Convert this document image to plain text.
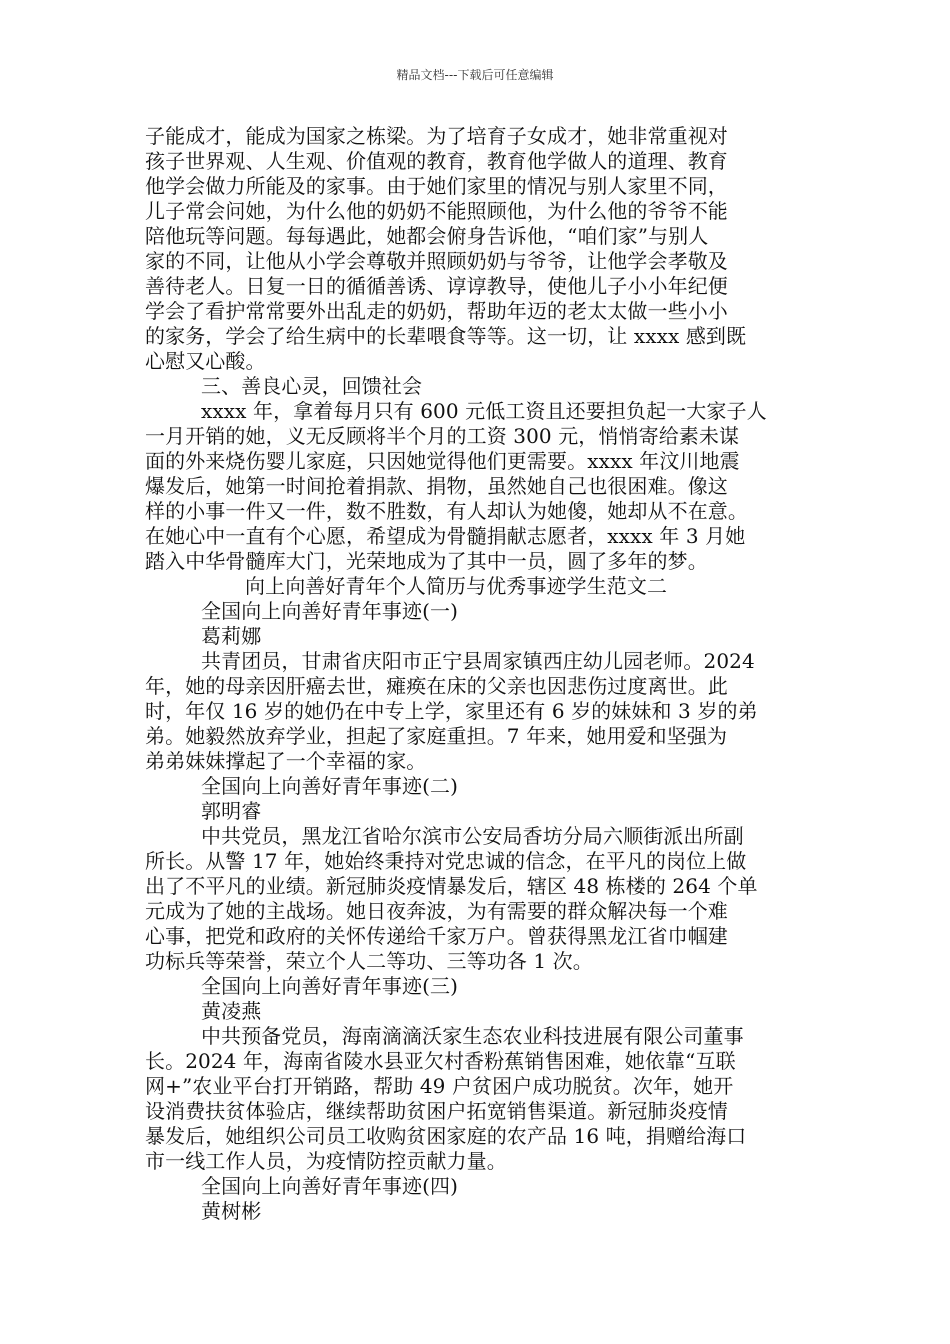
精品文档---下载后可任意编辑
子能成才，能成为国家之栋梁。为了培育子女成才，她非常重视对
孩子世界观、人生观、价值观的教育，教育他学做人的道理、教育
他学会做力所能及的家事。由于她们家里的情况与别人家里不同，
儿子常会问她，为什么他的奶奶不能照顾他，为什么他的爷爷不能
陪他玩等问题。每每遇此，她都会俯身告诉他，“咱们家”与别人
家的不同，让他从小学会尊敬并照顾奶奶与爷爷，让他学会孝敬及
善待老人。日复一日的循循善诱、谆谆教导，使他儿子小小年纪便
学会了看护常常要外出乱走的奶奶，帮助年迈的老太太做一些小小
的家务，学会了给生病中的长辈喂食等等。这一切，让 xxxx 感到既
心慰又心酸。
三、善良心灵，回馈社会
xxxx 年，拿着每月只有 600 元低工资且还要担负起一大家子人
一月开销的她，义无反顾将半个月的工资 300 元，悄悄寄给素未谋
面的外来烧伤婴儿家庭，只因她觉得他们更需要。xxxx 年汶川地震
爆发后，她第一时间抢着捐款、捐物，虽然她自己也很困难。像这
样的小事一件又一件，数不胜数，有人却认为她傻，她却从不在意。
在她心中一直有个心愿，希望成为骨髓捐献志愿者，xxxx 年 3 月她
踏入中华骨髓库大门，光荣地成为了其中一员，圆了多年的梦。
向上向善好青年个人简历与优秀事迹学生范文二
全国向上向善好青年事迹(一)
葛莉娜
共青团员，甘肃省庆阳市正宁县周家镇西庄幼儿园老师。2024
年，她的母亲因肝癌去世，瘫痪在床的父亲也因悲伤过度离世。此
时，年仅 16 岁的她仍在中专上学，家里还有 6 岁的妹妹和 3 岁的弟
弟。她毅然放弃学业，担起了家庭重担。7 年来，她用爱和坚强为
弟弟妹妹撑起了一个幸福的家。
全国向上向善好青年事迹(二)
郭明睿
中共党员，黑龙江省哈尔滨市公安局香坊分局六顺街派出所副
所长。从警 17 年，她始终秉持对党忠诚的信念，在平凡的岗位上做
出了不平凡的业绩。新冠肺炎疫情暴发后，辖区 48 栋楼的 264 个单
元成为了她的主战场。她日夜奔波，为有需要的群众解决每一个难
心事，把党和政府的关怀传递给千家万户。曾获得黑龙江省巾帼建
功标兵等荣誉，荣立个人二等功、三等功各 1 次。
全国向上向善好青年事迹(三)
黄凌燕
中共预备党员，海南滴滴沃家生态农业科技进展有限公司董事
长。2024 年，海南省陵水县亚欠村香粉蕉销售困难，她依靠“互联
网+”农业平台打开销路，帮助 49 户贫困户成功脱贫。次年，她开
设消费扶贫体验店，继续帮助贫困户拓宽销售渠道。新冠肺炎疫情
暴发后，她组织公司员工收购贫困家庭的农产品 16 吨，捐赠给海口
市一线工作人员，为疫情防控贡献力量。
全国向上向善好青年事迹(四)
黄树彬
